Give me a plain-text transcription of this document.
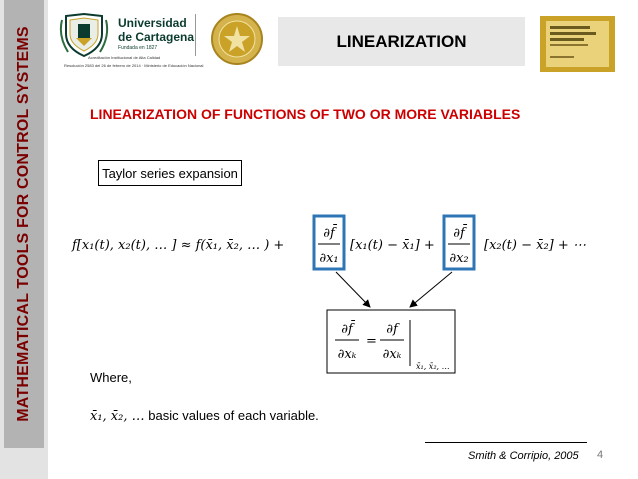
MATHEMATICAL TOOLS FOR CONTROL SYSTEMS
Universidad
de Cartagena
Fundada en 1827
Acreditación Institucional de Alta Calidad
Resolución 2583 del 26 de febrero de 2014 · Ministerio de Educación Nacional
LINEARIZATION
LINEARIZATION OF FUNCTIONS OF TWO OR MORE VARIABLES
Taylor series expansion
f[x₁(t), x₂(t), … ] ≈ f(x̄₁, x̄₂, … ) +
∂f̄
∂x₁
[x₁(t) − x̄₁] +
∂f̄
∂x₂
[x₂(t) − x̄₂] + ⋯
∂f̄
∂xₖ
=
∂f
∂xₖ
x̄₁, x̄₂, …
Where,
x̄₁, x̄₂, … basic values of each variable.
Smith & Corripio, 2005 4
